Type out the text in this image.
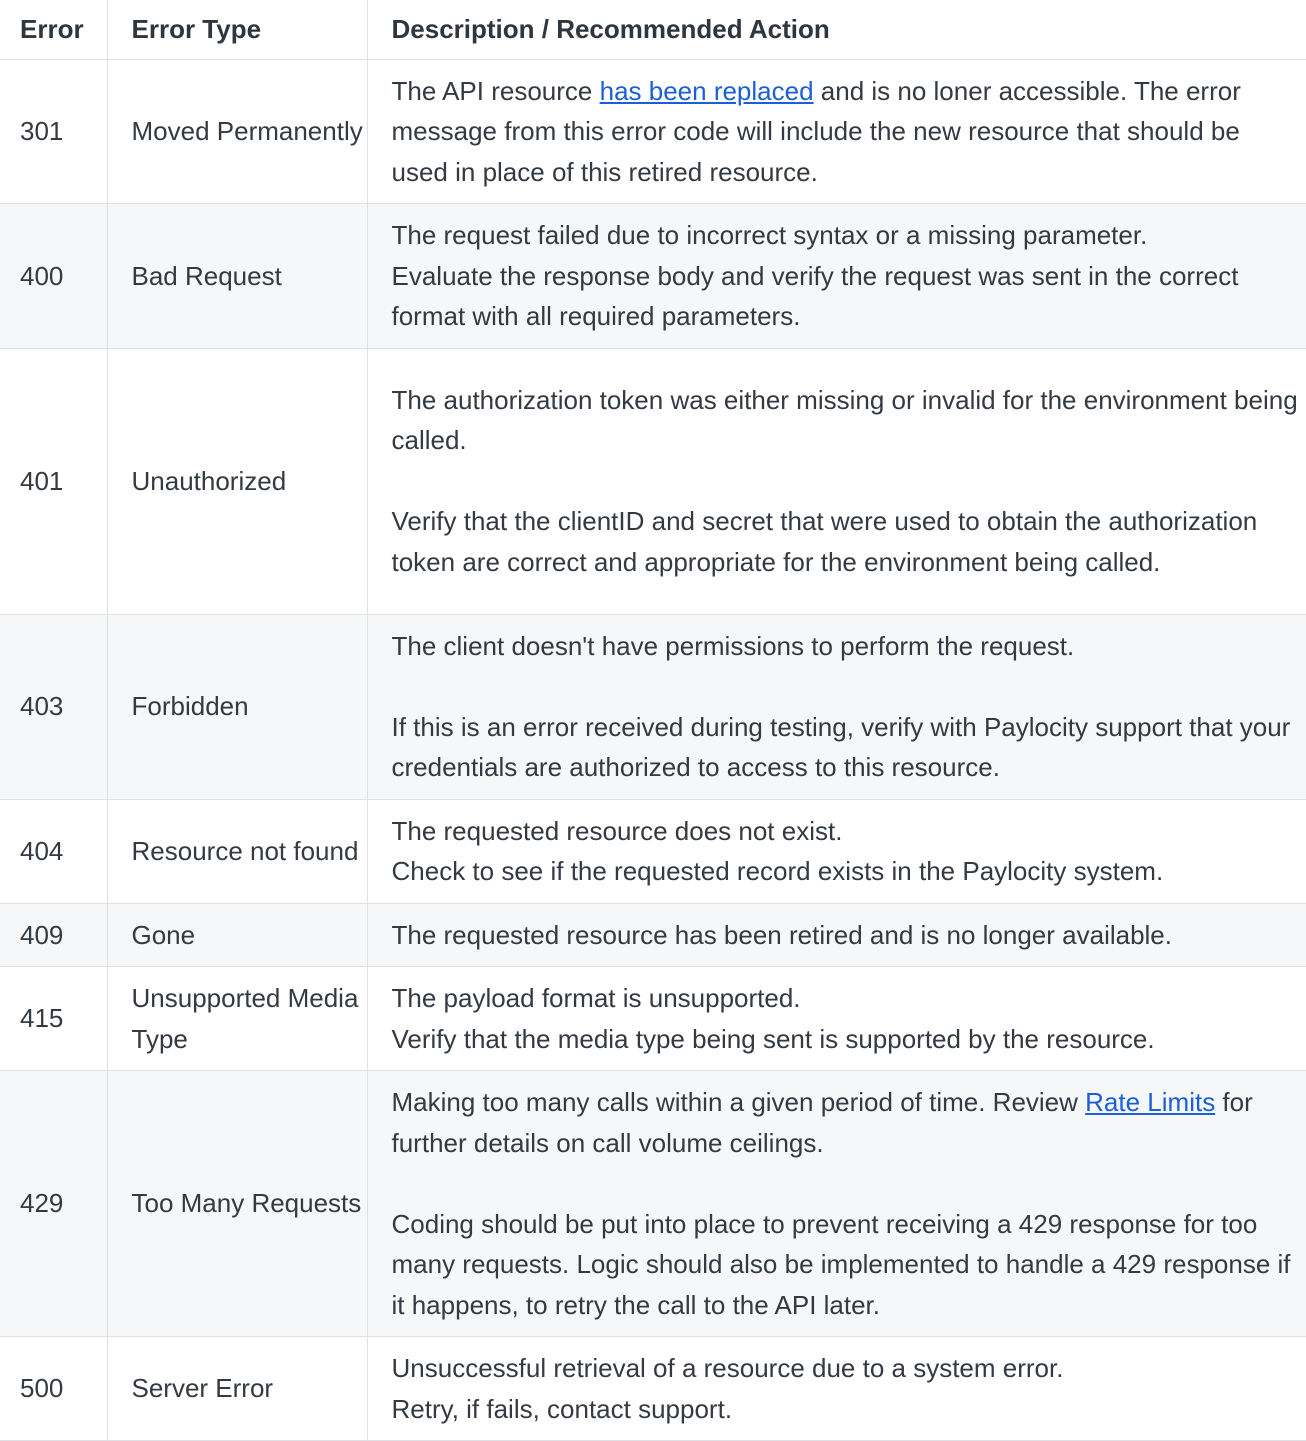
Error	Error Type	Description / Recommended Action
301	Moved Permanently	The API resource has been replaced and is no loner accessible. The error message from this error code will include the new resource that should be used in place of this retired resource.
400	Bad Request	The request failed due to incorrect syntax or a missing parameter.
Evaluate the response body and verify the request was sent in the correct format with all required parameters.

401	Unauthorized	The authorization token was either missing or invalid for the environment being called.
Verify that the clientID and secret that were used to obtain the authorization token are correct and appropriate for the environment being called.

403	Forbidden	The client doesn't have permissions to perform the request.
If this is an error received during testing, verify with Paylocity support that your credentials are authorized to access to this resource.

404	Resource not found	The requested resource does not exist.
Check to see if the requested record exists in the Paylocity system.

409	Gone	The requested resource has been retired and is no longer available.

415	Unsupported Media Type	The payload format is unsupported.
Verify that the media type being sent is supported by the resource.

429	Too Many Requests	Making too many calls within a given period of time. Review Rate Limits for further details on call volume ceilings.
Coding should be put into place to prevent receiving a 429 response for too many requests. Logic should also be implemented to handle a 429 response if it happens, to retry the call to the API later.

500	Server Error	Unsuccessful retrieval of a resource due to a system error.
Retry, if fails, contact support.
